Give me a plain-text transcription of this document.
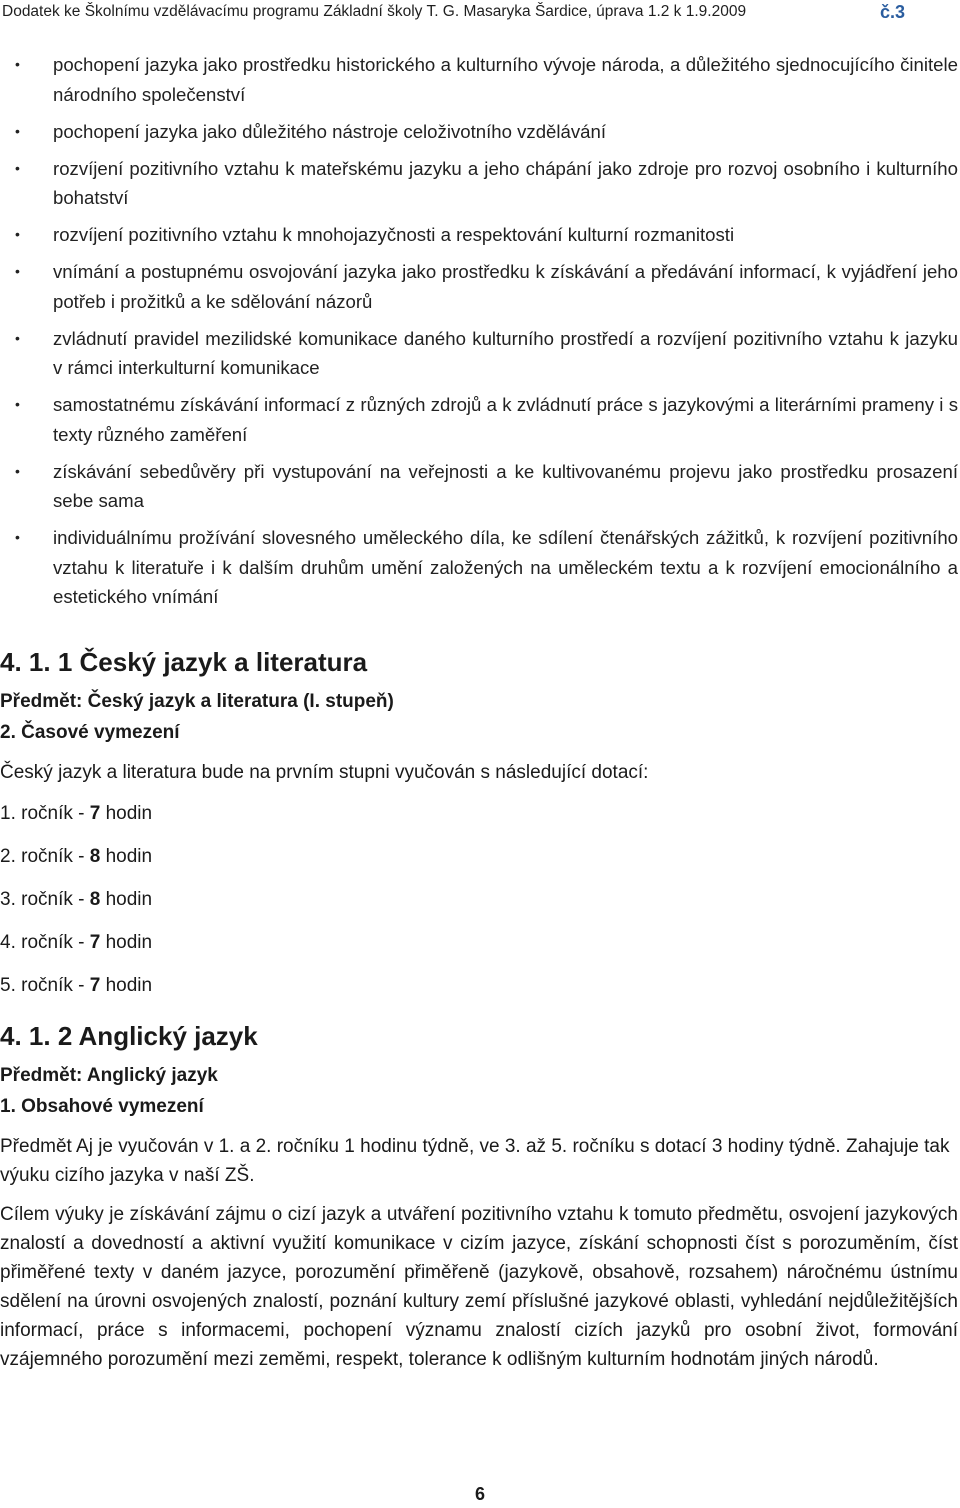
Dodatek ke Školnímu vzdělávacímu programu Základní školy T. G. Masaryka Šardice, úprava 1.2 k 1.9.2009	č.3
• pochopení jazyka jako prostředku historického a kulturního vývoje národa, a důležitého sjednocujícího činitele národního společenství
• pochopení jazyka jako důležitého nástroje celoživotního vzdělávání
• rozvíjení pozitivního vztahu k mateřskému jazyku a jeho chápání jako zdroje pro rozvoj osobního i kulturního bohatství
• rozvíjení pozitivního vztahu k mnohojazyčnosti a respektování kulturní rozmanitosti
• vnímání a postupnému osvojování jazyka jako prostředku k získávání a předávání informací, k vyjádření jeho potřeb i prožitků a ke sdělování názorů
• zvládnutí pravidel mezilidské komunikace daného kulturního prostředí a rozvíjení pozitivního vztahu k jazyku v rámci interkulturní komunikace
• samostatnému získávání informací z různých zdrojů a k zvládnutí práce s jazykovými a literárními prameny i s texty různého zaměření
• získávání sebedůvěry při vystupování na veřejnosti a ke kultivovanému projevu jako prostředku prosazení sebe sama
• individuálnímu prožívání slovesného uměleckého díla, ke sdílení čtenářských zážitků, k rozvíjení pozitivního vztahu k literatuře i k dalším druhům umění založených na uměleckém textu a k rozvíjení emocionálního a estetického vnímání
4. 1. 1 Český jazyk a literatura
Předmět: Český jazyk a literatura (I. stupeň)
2. Časové vymezení
Český jazyk a literatura bude na prvním stupni vyučován s následující dotací:
1. ročník - 7 hodin
2. ročník - 8 hodin
3. ročník - 8 hodin
4. ročník - 7 hodin
5. ročník - 7 hodin
4. 1. 2 Anglický jazyk
Předmět: Anglický jazyk
1. Obsahové vymezení
Předmět Aj je vyučován v 1. a 2. ročníku 1 hodinu týdně, ve 3. až 5. ročníku s dotací 3 hodiny týdně. Zahajuje tak výuku cizího jazyka v naší ZŠ.
Cílem výuky je získávání zájmu o cizí jazyk a utváření pozitivního vztahu k tomuto předmětu, osvojení jazykových znalostí a dovedností a aktivní využití komunikace v cizím jazyce, získání schopnosti číst s porozuměním, číst přiměřené texty v daném jazyce, porozumění přiměřeně (jazykově, obsahově, rozsahem) náročnému ústnímu sdělení na úrovni osvojených znalostí, poznání kultury zemí příslušné jazykové oblasti, vyhledání nejdůležitějších informací, práce s informacemi, pochopení významu znalostí cizích jazyků pro osobní život, formování vzájemného porozumění mezi zeměmi, respekt, tolerance k odlišným kulturním hodnotám jiných národů.
6
